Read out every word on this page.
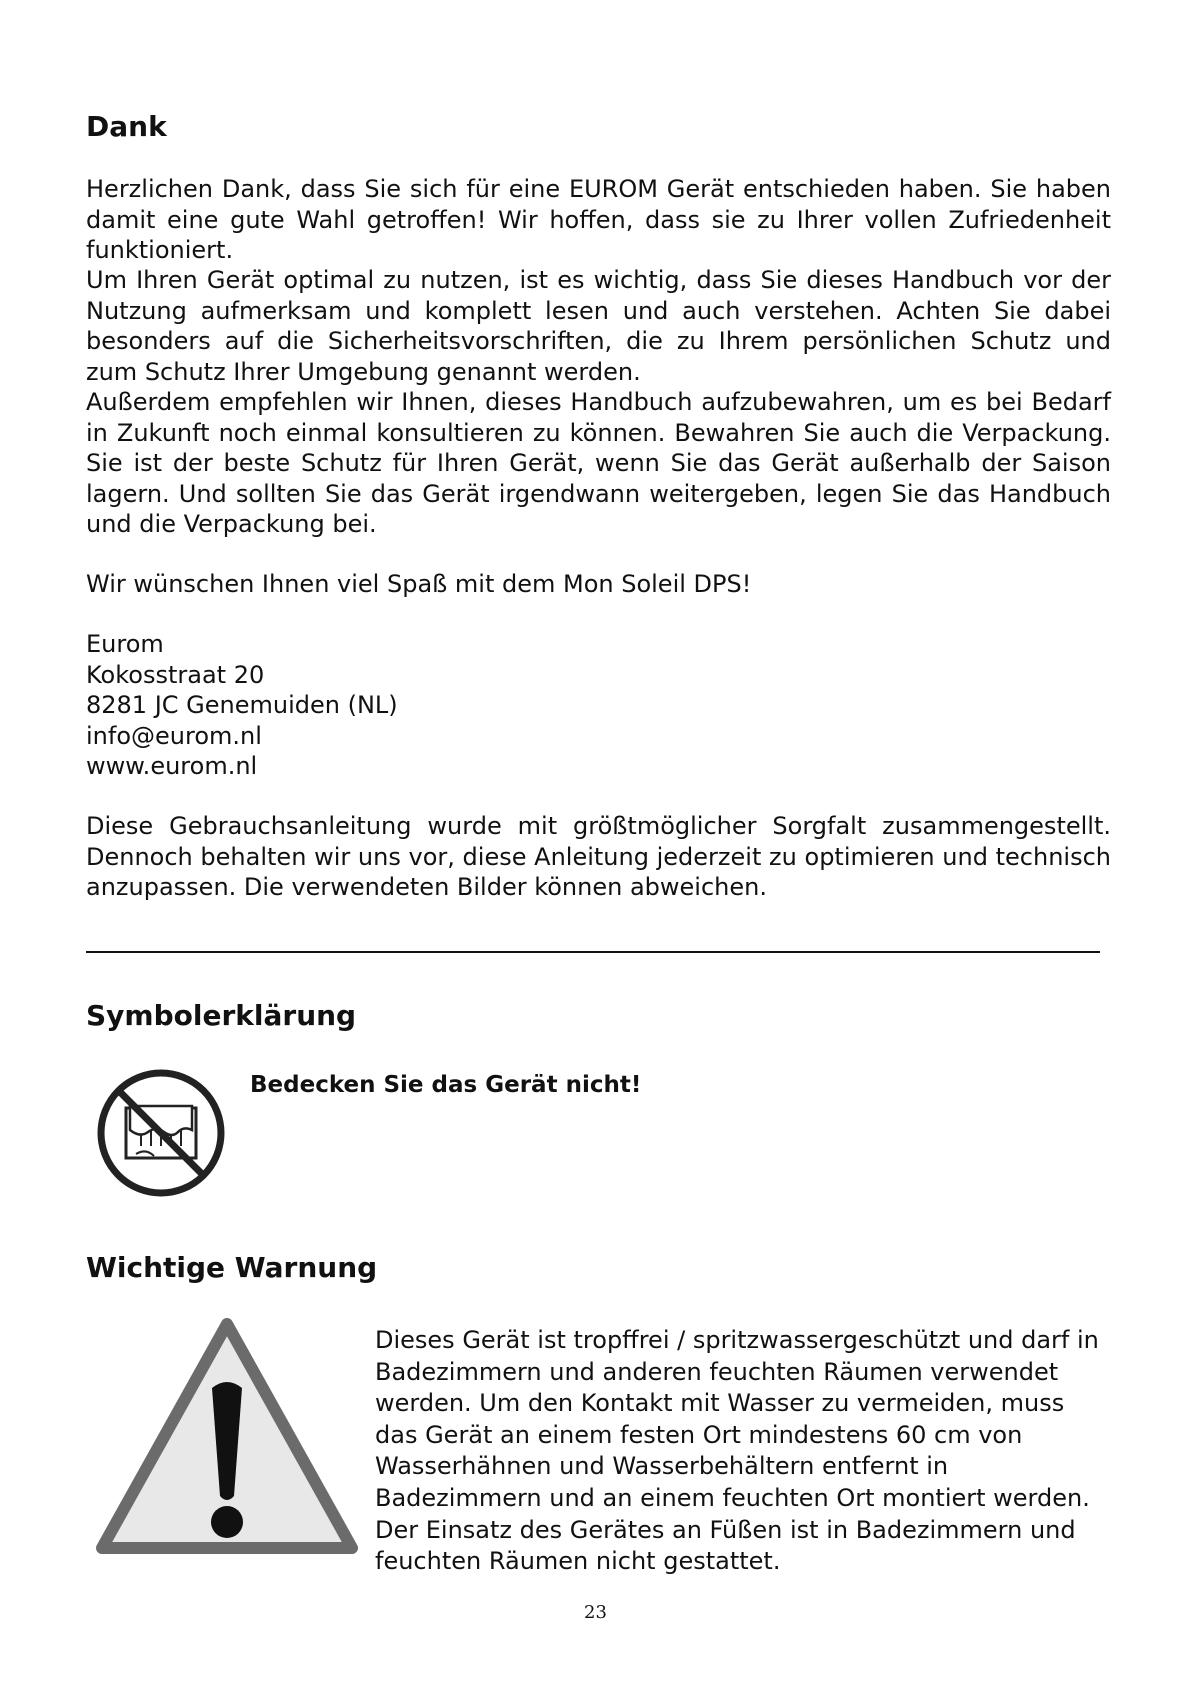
Dank

Herzlichen Dank, dass Sie sich für eine EUROM Gerät entschieden haben. Sie haben damit eine gute Wahl getroffen! Wir hoffen, dass sie zu Ihrer vollen Zufriedenheit funktioniert.

Um Ihren Gerät optimal zu nutzen, ist es wichtig, dass Sie dieses Handbuch vor der Nutzung aufmerksam und komplett lesen und auch verstehen. Achten Sie dabei besonders auf die Sicherheitsvorschriften, die zu Ihrem persönlichen Schutz und zum Schutz Ihrer Umgebung genannt werden.

Außerdem empfehlen wir Ihnen, dieses Handbuch aufzubewahren, um es bei Bedarf in Zukunft noch einmal konsultieren zu können. Bewahren Sie auch die Verpackung. Sie ist der beste Schutz für Ihren Gerät, wenn Sie das Gerät außerhalb der Saison lagern. Und sollten Sie das Gerät irgendwann weitergeben, legen Sie das Handbuch und die Verpackung bei.

Wir wünschen Ihnen viel Spaß mit dem Mon Soleil DPS!

Eurom
Kokosstraat 20
8281 JC Genemuiden (NL)
info@eurom.nl
www.eurom.nl

Diese Gebrauchsanleitung wurde mit größtmöglicher Sorgfalt zusammengestellt. Dennoch behalten wir uns vor, diese Anleitung jederzeit zu optimieren und technisch anzupassen. Die verwendeten Bilder können abweichen.

Symbolerklärung
Bedecken Sie das Gerät nicht!
Wichtige Warnung
Dieses Gerät ist tropffrei / spritzwassergeschützt und darf in
Badezimmern und anderen feuchten Räumen verwendet
werden. Um den Kontakt mit Wasser zu vermeiden, muss
das Gerät an einem festen Ort mindestens 60 cm von
Wasserhähnen und Wasserbehältern entfernt in
Badezimmern und an einem feuchten Ort montiert werden.
Der Einsatz des Gerätes an Füßen ist in Badezimmern und
feuchten Räumen nicht gestattet.
23
